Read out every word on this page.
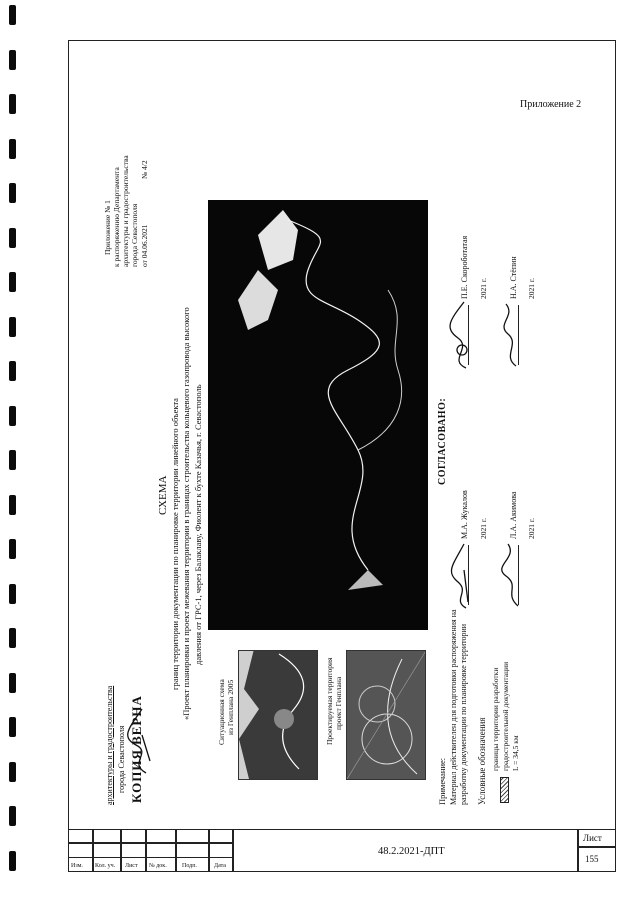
Приложение 2
архитектуры и градостроительства города Севастополя КОПИЯ ВЕРНА
Приложение № 1 к распоряжению Департамента архитектуры и градостроительства города Севастополя от 04.06.2021
№ 4/2
СХЕМА границ территории документации по планировке территории линейного объекта «Проект планировки и проект межевания территории в границах строительства кольцевого газопровода высокого давления от ГРС-1, через Балаклаву, Фиолент к бухте Казачья, г. Севастополь
Ситуационная схема из Генплана 2005	Проектируемая территория проект Генплана
Примечание: Материал действителен для подготовки распоряжения на разработку документации по планировке территории Условные обозначения границы территории разработки градостроительной документации L = 34,5 км
СОГЛАСОВАНО:
М.А. Жукалов 2021 г.	Л.А. Акимова 2021 г.
П.Е. Скороботатая 2021 г.	Н.А. Стёпин 2021 г.
Изм. Кол. уч. Лист № док.	Подп.	Дата
48.2.2021-ДПТ
Лист
155
